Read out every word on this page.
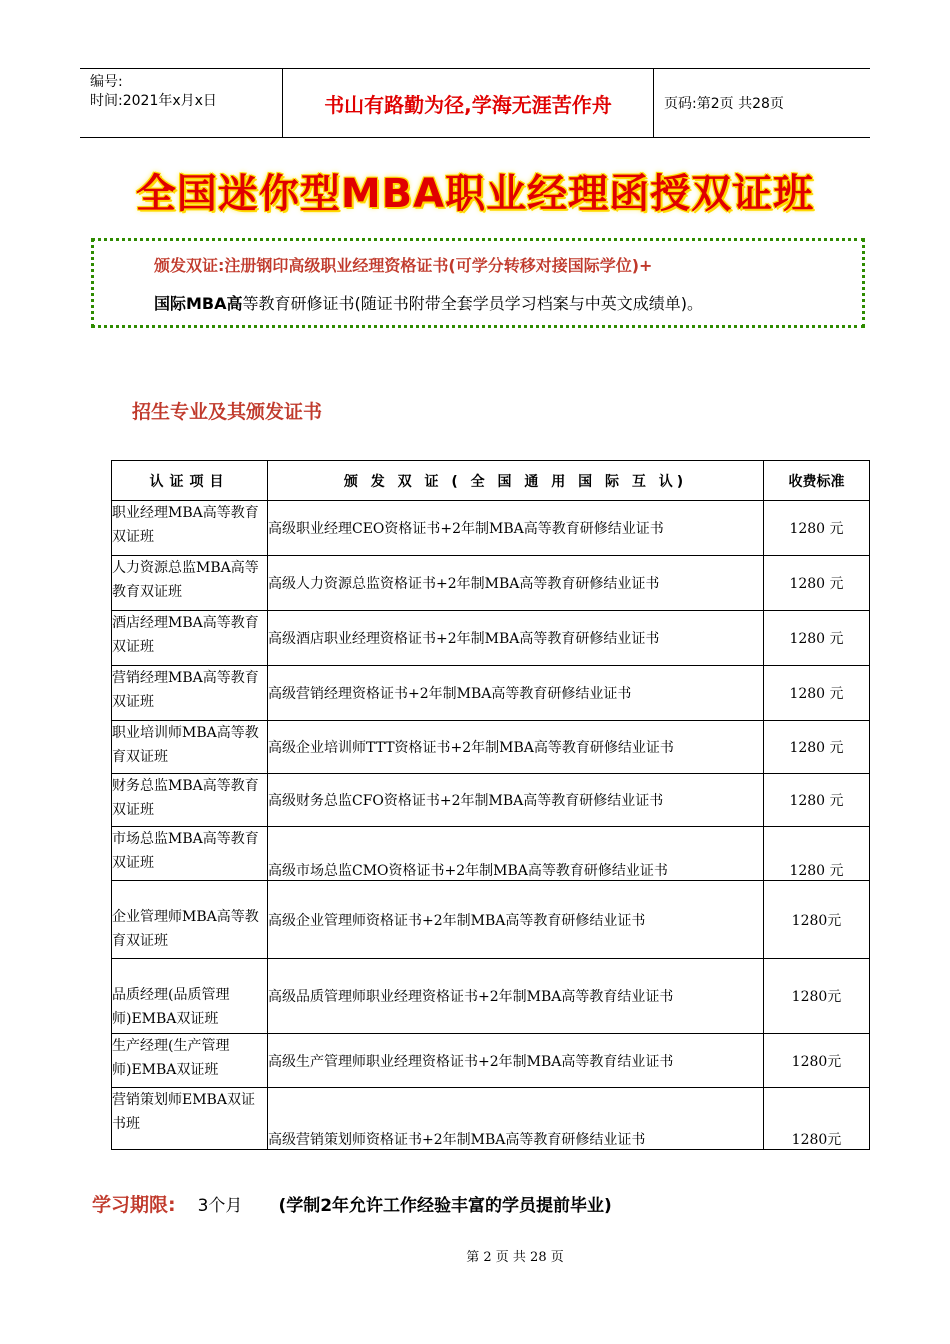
编号:
时间:2021年x月x日	书山有路勤为径,学海无涯苦作舟	页码:第2页 共28页
全国迷你型MBA职业经理函授双证班
颁发双证:注册钢印高级职业经理资格证书(可学分转移对接国际学位)+
国际MBA高等教育研修证书(随证书附带全套学员学习档案与中英文成绩单)。
招生专业及其颁发证书
认证项目	颁 发 双 证 ( 全 国 通 用 国 际 互 认)	收费标准
职业经理MBA高等教育双证班	高级职业经理CEO资格证书+2年制MBA高等教育研修结业证书	1280 元
人力资源总监MBA高等教育双证班	高级人力资源总监资格证书+2年制MBA高等教育研修结业证书	1280 元
酒店经理MBA高等教育双证班	高级酒店职业经理资格证书+2年制MBA高等教育研修结业证书	1280 元
营销经理MBA高等教育双证班	高级营销经理资格证书+2年制MBA高等教育研修结业证书	1280 元
职业培训师MBA高等教育双证班	高级企业培训师TTT资格证书+2年制MBA高等教育研修结业证书	1280 元
财务总监MBA高等教育双证班	高级财务总监CFO资格证书+2年制MBA高等教育研修结业证书	1280 元
市场总监MBA高等教育双证班	高级市场总监CMO资格证书+2年制MBA高等教育研修结业证书	1280 元
企业管理师MBA高等教育双证班	高级企业管理师资格证书+2年制MBA高等教育研修结业证书	1280元
品质经理(品质管理师)EMBA双证班	高级品质管理师职业经理资格证书+2年制MBA高等教育结业证书	1280元
生产经理(生产管理师)EMBA双证班	高级生产管理师职业经理资格证书+2年制MBA高等教育结业证书	1280元
营销策划师EMBA双证书班	高级营销策划师资格证书+2年制MBA高等教育研修结业证书	1280元
学习期限: 3个月 (学制2年允许工作经验丰富的学员提前毕业)
第 2 页 共 28 页
